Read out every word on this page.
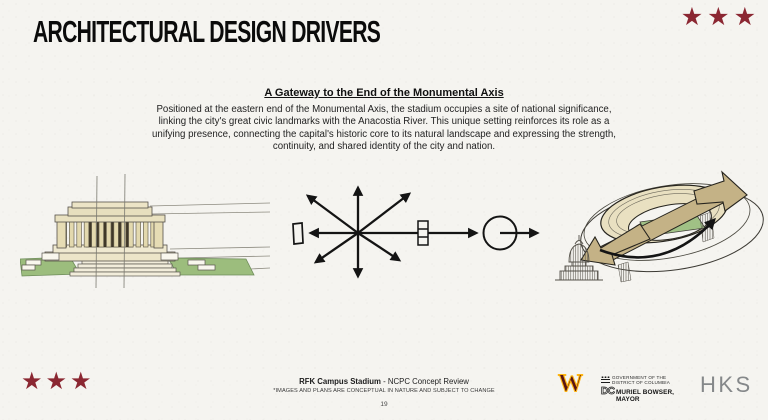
ARCHITECTURAL DESIGN DRIVERS	★★★
A Gateway to the End of the Monumental Axis
Positioned at the eastern end of the Monumental Axis, the stadium occupies a site of national significance, linking the city's great civic landmarks with the Anacostia River. This unique setting reinforces its role as a unifying presence, connecting the capital's historic core to its natural landscape and expressing the strength, continuity, and shared identity of the city and nation.
★★★	RFK Campus Stadium - NCPC Concept Review
*IMAGES AND PLANS ARE CONCEPTUAL IN NATURE AND SUBJECT TO CHANGE
19
W	GOVERNMENT OF THE
DISTRICT OF COLUMBIA
DC MURIEL BOWSER, MAYOR
HKS
